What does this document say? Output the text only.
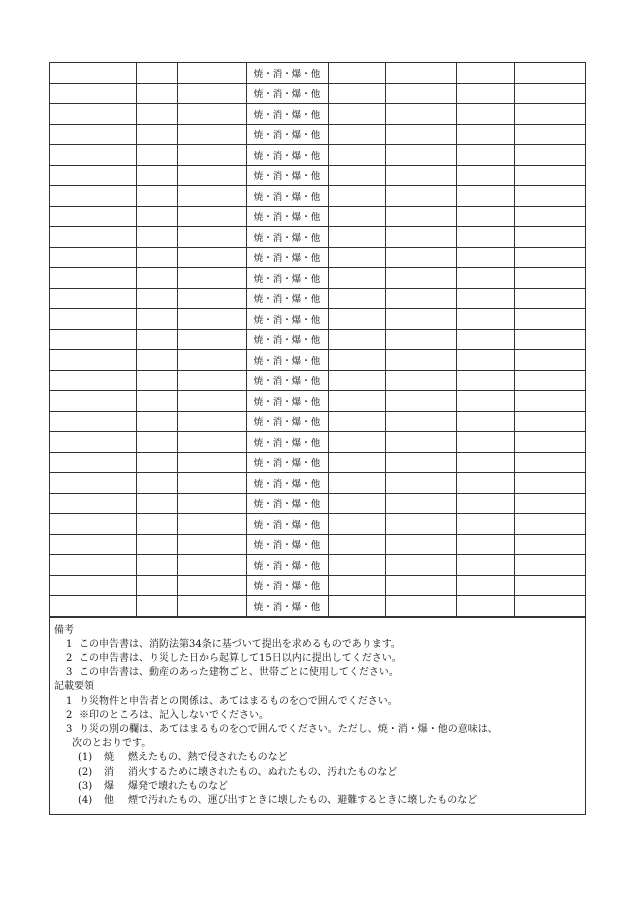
			焼・消・爆・他				
			焼・消・爆・他				
			焼・消・爆・他				
			焼・消・爆・他				
			焼・消・爆・他				
			焼・消・爆・他				
			焼・消・爆・他				
			焼・消・爆・他				
			焼・消・爆・他				
			焼・消・爆・他				
			焼・消・爆・他				
			焼・消・爆・他				
			焼・消・爆・他				
			焼・消・爆・他				
			焼・消・爆・他				
			焼・消・爆・他				
			焼・消・爆・他				
			焼・消・爆・他				
			焼・消・爆・他				
			焼・消・爆・他				
			焼・消・爆・他				
			焼・消・爆・他				
			焼・消・爆・他				
			焼・消・爆・他				
			焼・消・爆・他				
			焼・消・爆・他				
			焼・消・爆・他				
備考
1 この申告書は、消防法第34条に基づいて提出を求めるものであります。
2 この申告書は、り災した日から起算して15日以内に提出してください。
3 この申告書は、動産のあった建物ごと、世帯ごとに使用してください。
記載要領
1 り災物件と申告者との関係は、あてはまるものを○で囲んでください。
2 ※印のところは、記入しないでください。
3 り災の別の欄は、あてはまるものを○で囲んでください。ただし、焼・消・爆・他の意味は、
次のとおりです。
(1) 焼 燃えたもの、熱で侵されたものなど
(2) 消 消火するために壊されたもの、ぬれたもの、汚れたものなど
(3) 爆 爆発で壊れたものなど
(4) 他 煙で汚れたもの、運び出すときに壊したもの、避難するときに壊したものなど
